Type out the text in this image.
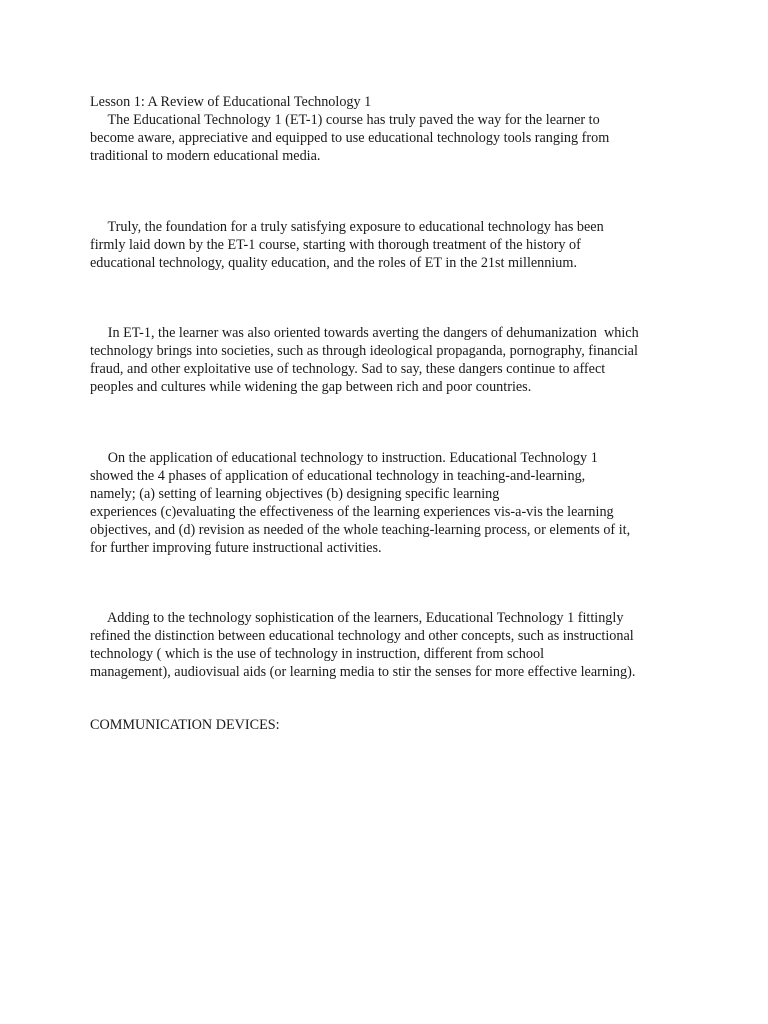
Lesson 1: A Review of Educational Technology 1
The Educational Technology 1 (ET-1) course has truly paved the way for the learner to
become aware, appreciative and equipped to use educational technology tools ranging from
traditional to modern educational media.
Truly, the foundation for a truly satisfying exposure to educational technology has been
firmly laid down by the ET-1 course, starting with thorough treatment of the history of
educational technology, quality education, and the roles of ET in the 21st millennium.
In ET-1, the learner was also oriented towards averting the dangers of dehumanization  which
technology brings into societies, such as through ideological propaganda, pornography, financial
fraud, and other exploitative use of technology. Sad to say, these dangers continue to affect
peoples and cultures while widening the gap between rich and poor countries.
On the application of educational technology to instruction. Educational Technology 1
showed the 4 phases of application of educational technology in teaching-and-learning,
namely; (a) setting of learning objectives (b) designing specific learning
experiences (c)evaluating the effectiveness of the learning experiences vis-a-vis the learning
objectives, and (d) revision as needed of the whole teaching-learning process, or elements of it,
for further improving future instructional activities.
Adding to the technology sophistication of the learners, Educational Technology 1 fittingly
refined the distinction between educational technology and other concepts, such as instructional
technology ( which is the use of technology in instruction, different from school
management), audiovisual aids (or learning media to stir the senses for more effective learning).
COMMUNICATION DEVICES:
